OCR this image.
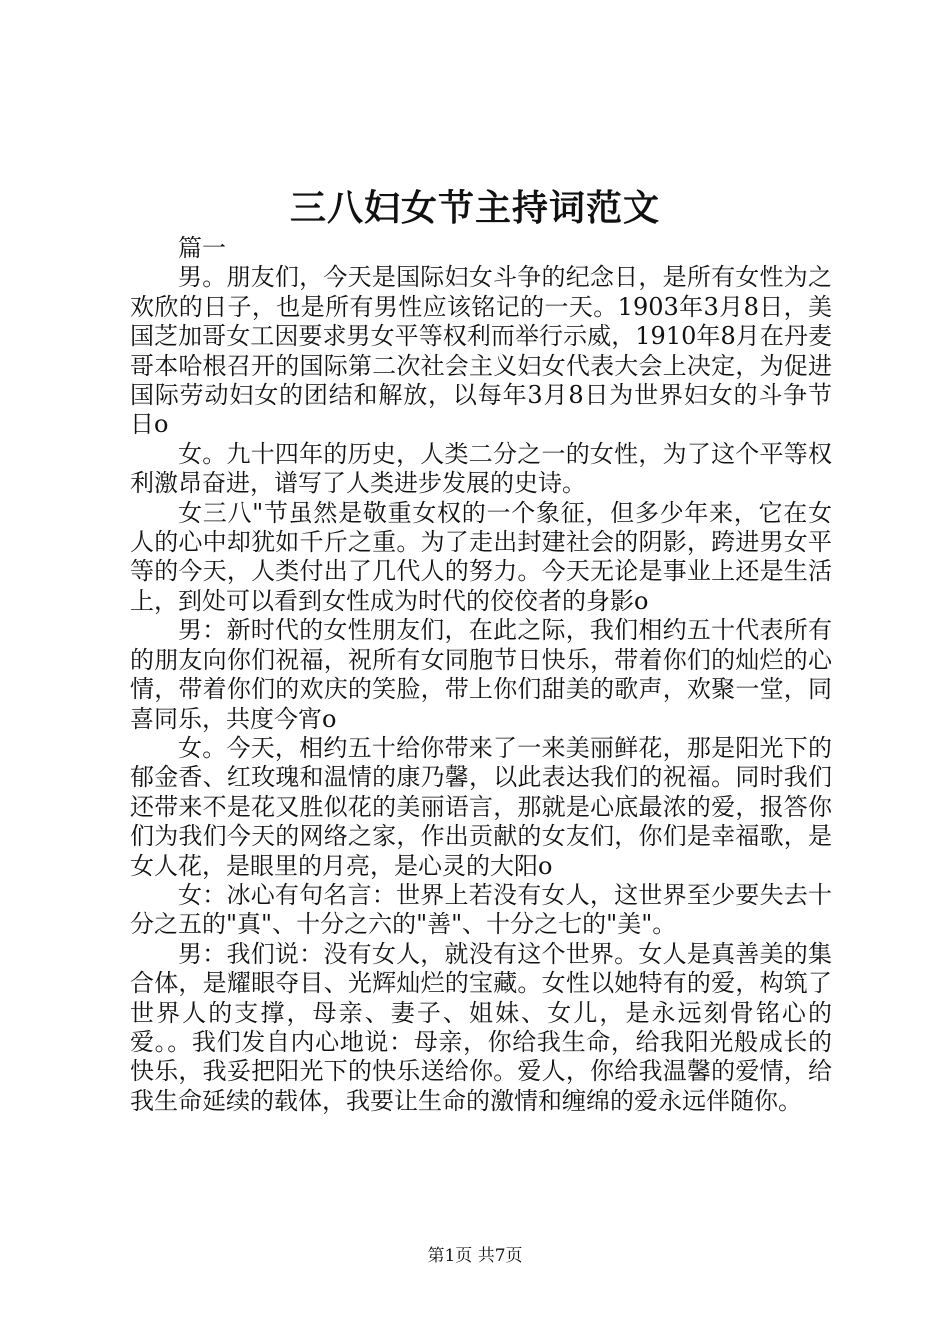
三八妇女节主持词范文

篇一

男。朋友们，今天是国际妇女斗争的纪念日，是所有女性为之欢欣的日子，也是所有男性应该铭记的一天。1903年3月8日，美国芝加哥女工因要求男女平等权利而举行示威，1910年8月在丹麦哥本哈根召开的国际第二次社会主义妇女代表大会上决定，为促进国际劳动妇女的团结和解放，以每年3月8日为世界妇女的斗争节日o

女。九十四年的历史，人类二分之一的女性，为了这个平等权利激昂奋进，谱写了人类进步发展的史诗。

女三八"节虽然是敬重女权的一个象征，但多少年来，它在女人的心中却犹如千斤之重。为了走出封建社会的阴影，跨进男女平等的今天，人类付出了几代人的努力。今天无论是事业上还是生活上，到处可以看到女性成为时代的佼佼者的身影o

男：新时代的女性朋友们，在此之际，我们相约五十代表所有的朋友向你们祝福，祝所有女同胞节日快乐，带着你们的灿烂的心情，带着你们的欢庆的笑脸，带上你们甜美的歌声，欢聚一堂，同喜同乐，共度今宵o

女。今天，相约五十给你带来了一来美丽鲜花，那是阳光下的郁金香、红玫瑰和温情的康乃馨，以此表达我们的祝福。同时我们还带来不是花又胜似花的美丽语言，那就是心底最浓的爱，报答你们为我们今天的网络之家，作出贡献的女友们，你们是幸福歌，是女人花，是眼里的月亮，是心灵的大阳o

女：冰心有句名言：世界上若没有女人，这世界至少要失去十分之五的"真"、十分之六的"善"、十分之七的"美"。

男：我们说：没有女人，就没有这个世界。女人是真善美的集合体，是耀眼夺目、光辉灿烂的宝藏。女性以她特有的爱，构筑了世界人的支撑，母亲、妻子、姐妹、女儿，是永远刻骨铭心的爱。。我们发自内心地说：母亲，你给我生命，给我阳光般成长的快乐，我妥把阳光下的快乐送给你。爱人，你给我温馨的爱情，给我生命延续的载体，我要让生命的激情和缠绵的爱永远伴随你。

第1页 共7页
